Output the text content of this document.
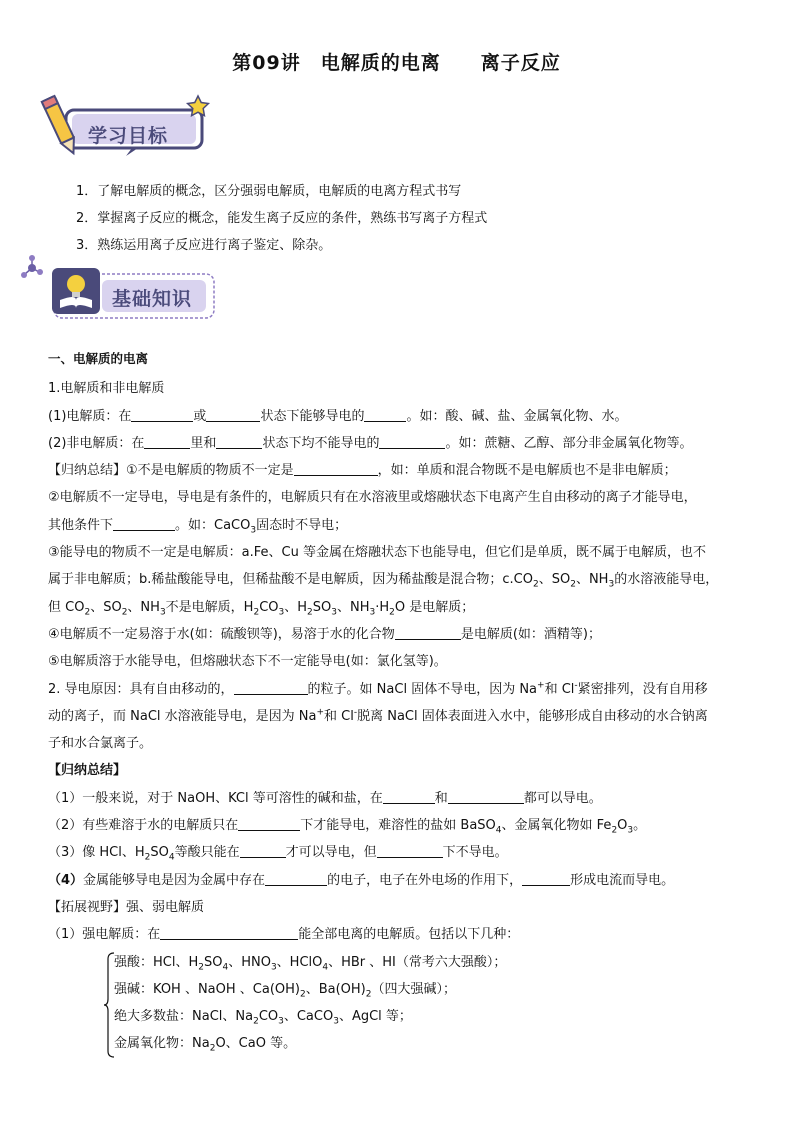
第09讲　电解质的电离　　离子反应
学习目标
1．了解电解质的概念，区分强弱电解质，电解质的电离方程式书写
2．掌握离子反应的概念，能发生离子反应的条件，熟练书写离子方程式
3．熟练运用离子反应进行离子鉴定、除杂。
基础知识
一、电解质的电离
1.电解质和非电解质
(1)电解质：在	或	状态下能够导电的	。如：酸、碱、盐、金属氧化物、水。
(2)非电解质：在	里和	状态下均不能导电的	。如：蔗糖、乙醇、部分非金属氧化物等。
【归纳总结】①不是电解质的物质不一定是	，如：单质和混合物既不是电解质也不是非电解质；
②电解质不一定导电，导电是有条件的，电解质只有在水溶液里或熔融状态下电离产生自由移动的离子才能导电，
其他条件下	。如：CaCO$_3$固态时不导电；
③能导电的物质不一定是电解质：a.Fe、Cu 等金属在熔融状态下也能导电，但它们是单质，既不属于电解质，也不
属于非电解质；b.稀盐酸能导电，但稀盐酸不是电解质，因为稀盐酸是混合物；$c.CO_2$、$SO_2$、$NH_3$的水溶液能导电，
但 $CO_2$、$SO_2$、$NH_3$不是电解质，$H_2CO_3$、$H_2SO_3$、$NH_3\cdot H_2O$ 是电解质；
④电解质不一定易溶于水(如：硫酸钡等)，易溶于水的化合物	是电解质(如：酒精等)；
⑤电解质溶于水能导电，但熔融状态下不一定能导电(如：氯化氢等)。
2. 导电原因：具有自由移动的，	的粒子。如 NaCl 固体不导电，因为 Na+和 Cl-紧密排列，没有自用移
动的离子，而 NaCl 水溶液能导电，是因为 Na+和 Cl-脱离 NaCl 固体表面进入水中，能够形成自由移动的水合钠离
子和水合氯离子。
【归纳总结】
（1）一般来说，对于 NaOH、KCl 等可溶性的碱和盐，在	和	都可以导电。
（2）有些难溶于水的电解质只在	下才能导电，难溶性的盐如 BaSO$_4$、金属氧化物如 $Fe_2O_3$。
（3）像 HCl、$H_2SO_4$等酸只能在	才可以导电，但	下不导电。
（4）金属能够导电是因为金属中存在	的电子，电子在外电场的作用下，	形成电流而导电。
【拓展视野】强、弱电解质
（1）强电解质：在	能全部电离的电解质。包括以下几种：
强酸：HCl、$H_2SO_4$、$HNO_3$、HClO$_4$、HBr 、HI（常考六大强酸）；
强碱：KOH 、NaOH 、$Ca(OH)_2$、$Ba(OH)_2$（四大强碱）；
绝大多数盐：NaCl、$Na_2CO_3$、CaCO$_3$、AgCl 等；
金属氧化物：$Na_2O$、CaO 等。
